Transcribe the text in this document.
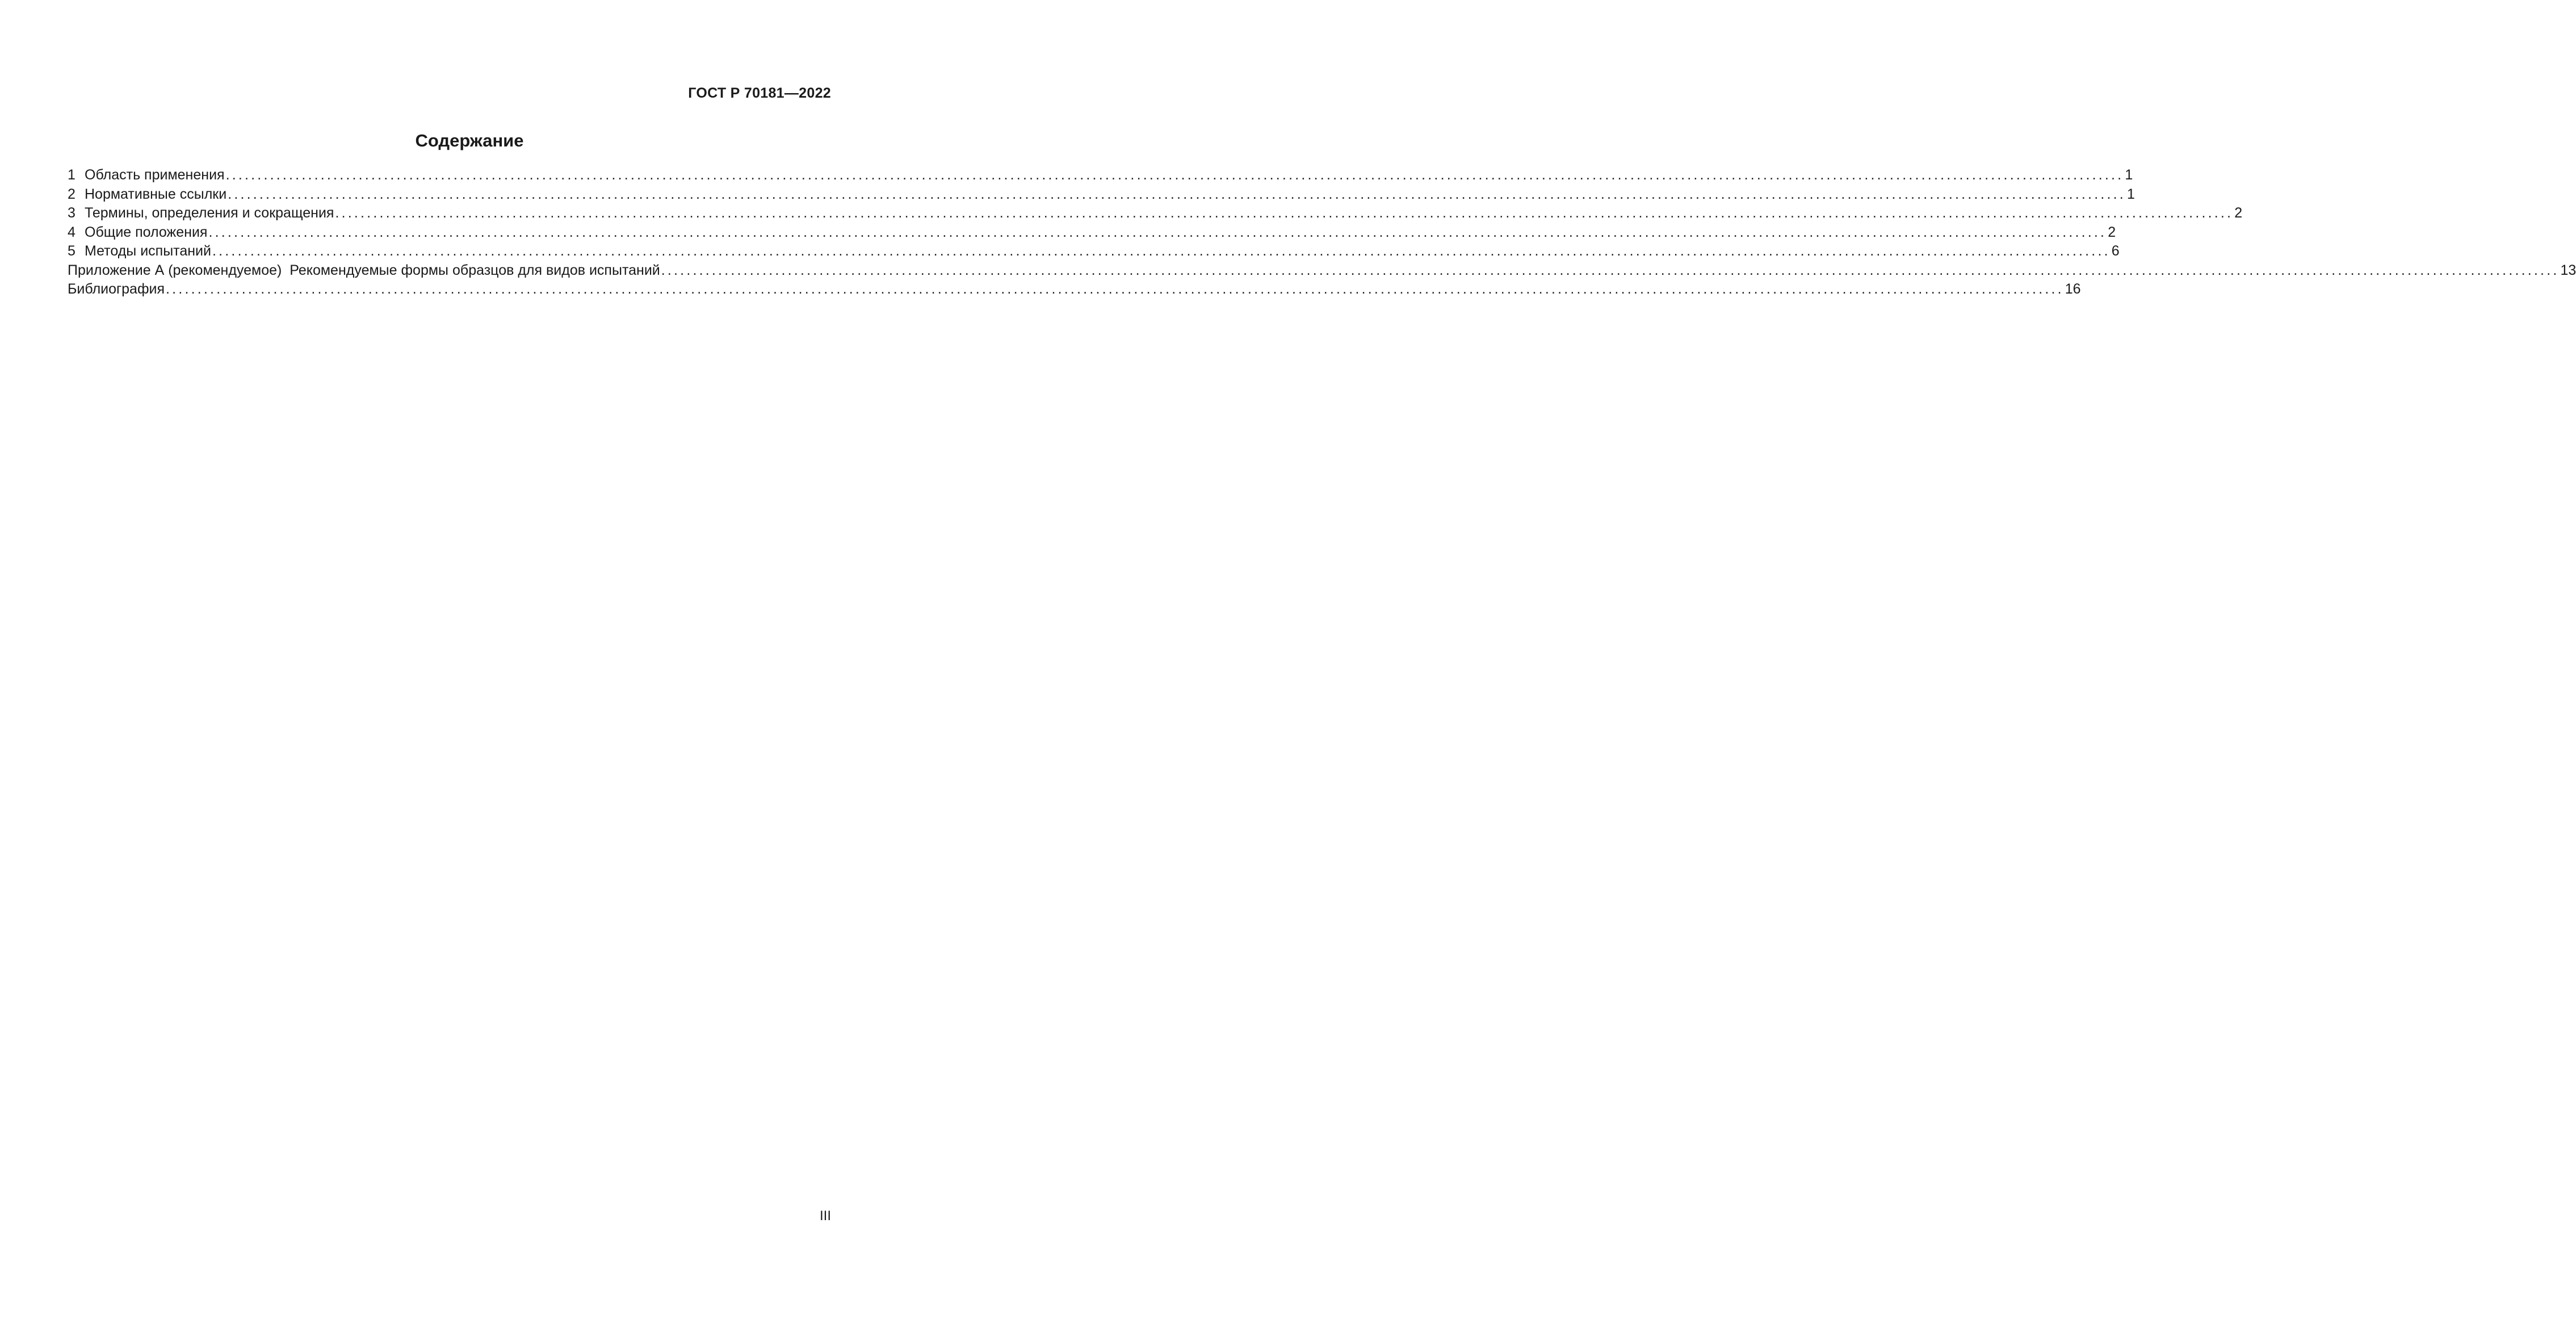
ГОСТ Р 70181—2022
Содержание
1 Область применения ............................................................................................................................................................................................................................................................................................................ 1
2 Нормативные ссылки ............................................................................................................................................................................................................................................................................................................ 1
3 Термины, определения и сокращения ............................................................................................................................................................................................................................................................................................................ 2
4 Общие положения ............................................................................................................................................................................................................................................................................................................ 2
5 Методы испытаний ............................................................................................................................................................................................................................................................................................................ 6
Приложение А (рекомендуемое)  Рекомендуемые формы образцов для видов испытаний ............................................................................................................................................................................................................................................................................................................ 13
Библиография ............................................................................................................................................................................................................................................................................................................ 16
III
